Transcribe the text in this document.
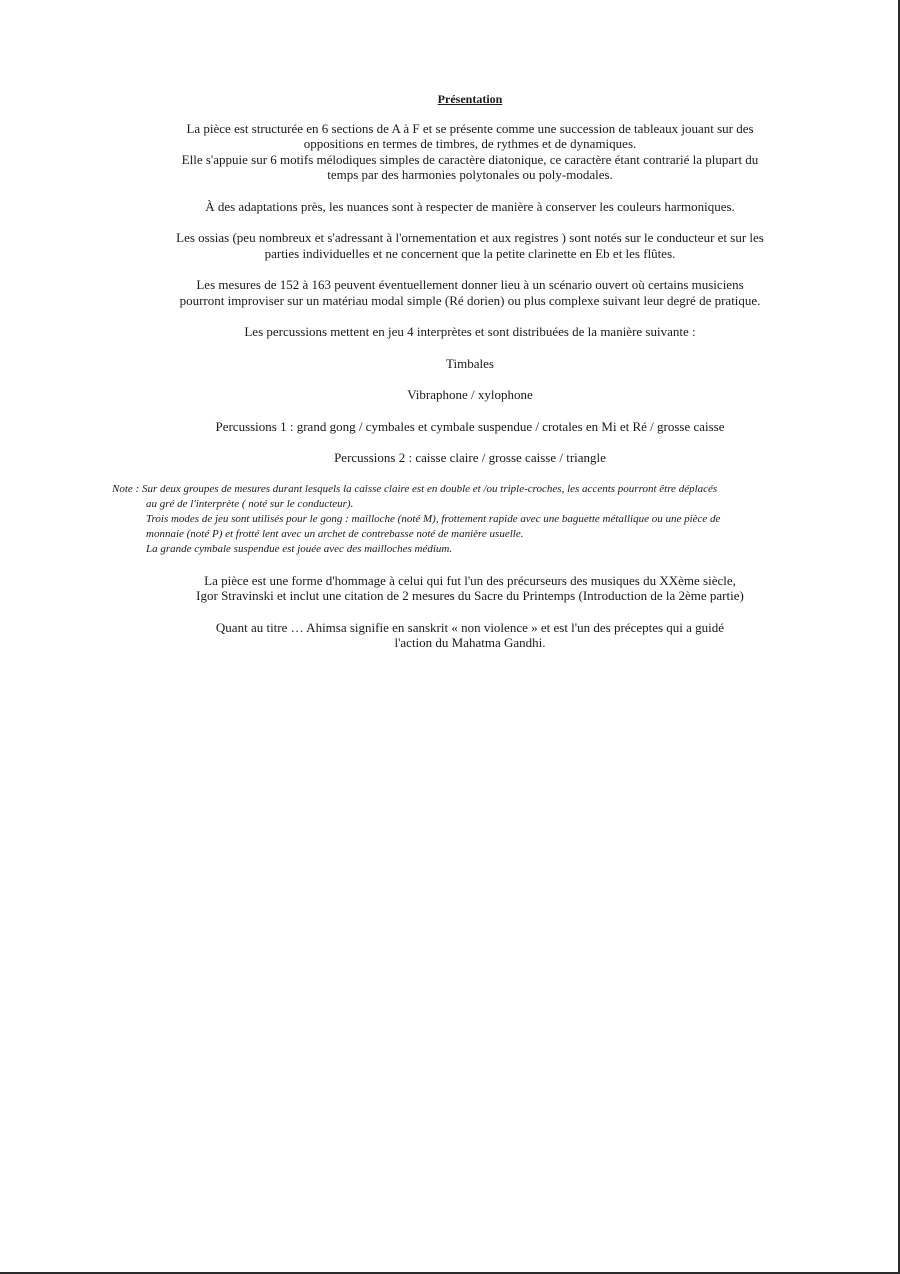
Présentation
La pièce est structurée en 6 sections de A à F et se présente comme une succession de tableaux jouant sur des
oppositions en termes de timbres, de rythmes et de dynamiques.
Elle s'appuie sur 6 motifs mélodiques simples de caractère diatonique, ce caractère étant contrarié la plupart du
temps par des harmonies polytonales ou poly-modales.
À des adaptations près, les nuances sont à respecter de manière à conserver les couleurs harmoniques.
Les ossias (peu nombreux et s'adressant à l'ornementation et aux registres ) sont notés sur le conducteur et sur les
parties individuelles et ne concernent que la petite clarinette en Eb et les flûtes.
Les mesures de 152 à 163 peuvent éventuellement donner lieu à un scénario ouvert où certains musiciens
pourront improviser sur un matériau modal simple (Ré dorien) ou plus complexe suivant leur degré de pratique.
Les percussions mettent en jeu 4 interprètes et sont distribuées de la manière suivante :
Timbales
Vibraphone / xylophone
Percussions 1 : grand gong / cymbales et cymbale suspendue / crotales en Mi et Ré / grosse caisse
Percussions 2 : caisse claire / grosse caisse / triangle
Note : Sur deux groupes de mesures durant lesquels la caisse claire est en double et /ou triple-croches, les accents pourront être déplacés
au gré de l'interprète ( noté sur le conducteur).
Trois modes de jeu sont utilisés pour le gong : mailloche (noté M), frottement rapide avec une baguette métallique ou une pièce de
monnaie (noté P) et frotté lent avec un archet de contrebasse noté de manière usuelle.
La grande cymbale suspendue est jouée avec des mailloches médium.
La pièce est une forme d'hommage à celui qui fut l'un des précurseurs des musiques du XXème siècle,
Igor Stravinski et inclut une citation de 2 mesures du Sacre du Printemps (Introduction de la 2ème partie)
Quant au titre … Ahimsa signifie en sanskrit « non violence » et est l'un des préceptes qui a guidé
l'action du Mahatma Gandhi.
